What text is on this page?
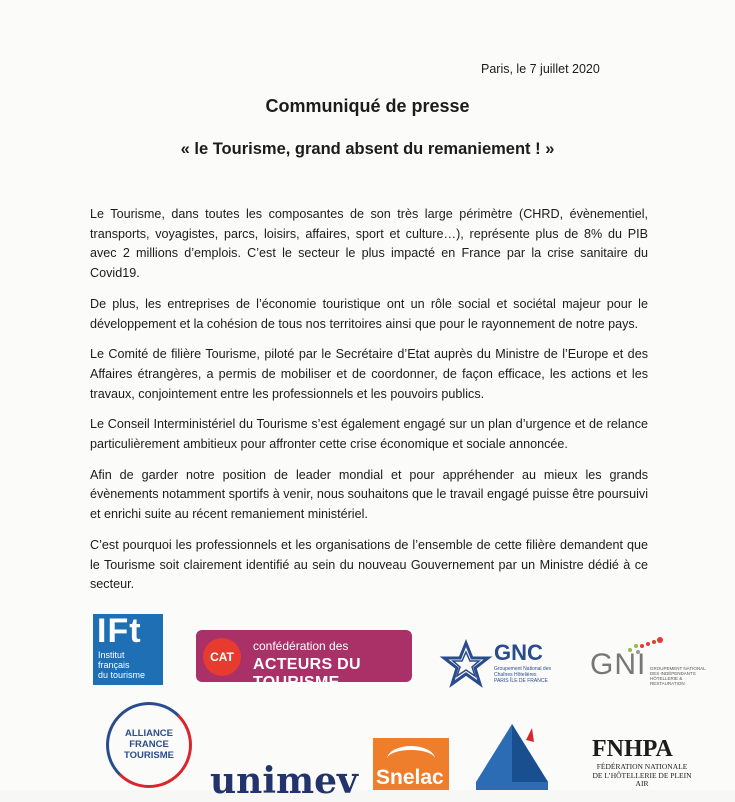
Paris, le 7 juillet 2020
Communiqué de presse
« le Tourisme, grand absent du remaniement ! »

Le Tourisme, dans toutes les composantes de son très large périmètre (CHRD, évènementiel, transports, voyagistes, parcs, loisirs, affaires, sport et culture…), représente plus de 8% du PIB avec 2 millions d’emplois. C’est le secteur le plus impacté en France par la crise sanitaire du Covid19.

De plus, les entreprises de l’économie touristique ont un rôle social et sociétal majeur pour le développement et la cohésion de tous nos territoires ainsi que pour le rayonnement de notre pays.

Le Comité de filière Tourisme, piloté par le Secrétaire d’Etat auprès du Ministre de l’Europe et des Affaires étrangères, a permis de mobiliser et de coordonner, de façon efficace, les actions et les travaux, conjointement entre les professionnels et les pouvoirs publics.

Le Conseil Interministériel du Tourisme s’est également engagé sur un plan d’urgence et de relance particulièrement ambitieux pour affronter cette crise économique et sociale annoncée.

Afin de garder notre position de leader mondial et pour appréhender au mieux les grands évènements notamment sportifs à venir, nous souhaitons que le travail engagé puisse être poursuivi et enrichi suite au récent remaniement ministériel.

C’est pourquoi les professionnels et les organisations de l’ensemble de cette filière demandent que le Tourisme soit clairement identifié au sein du nouveau Gouvernement par un Ministre dédié à ce secteur.

IFt
Institut
français
du tourisme
CAT
confédération des
ACTEURS DU TOURISME
GNC
Groupement National des Chaînes Hôtelières PARIS ÎLE DE FRANCE GNI GROUPEMENT NATIONAL DES INDÉPENDANTS HÔTELLERIE & RESTAURATION
ALLIANCE FRANCE TOURISME
unimev Snelac
FNHPA
FÉDÉRATION NATIONALE DE L’HÔTELLERIE DE PLEIN AIR
